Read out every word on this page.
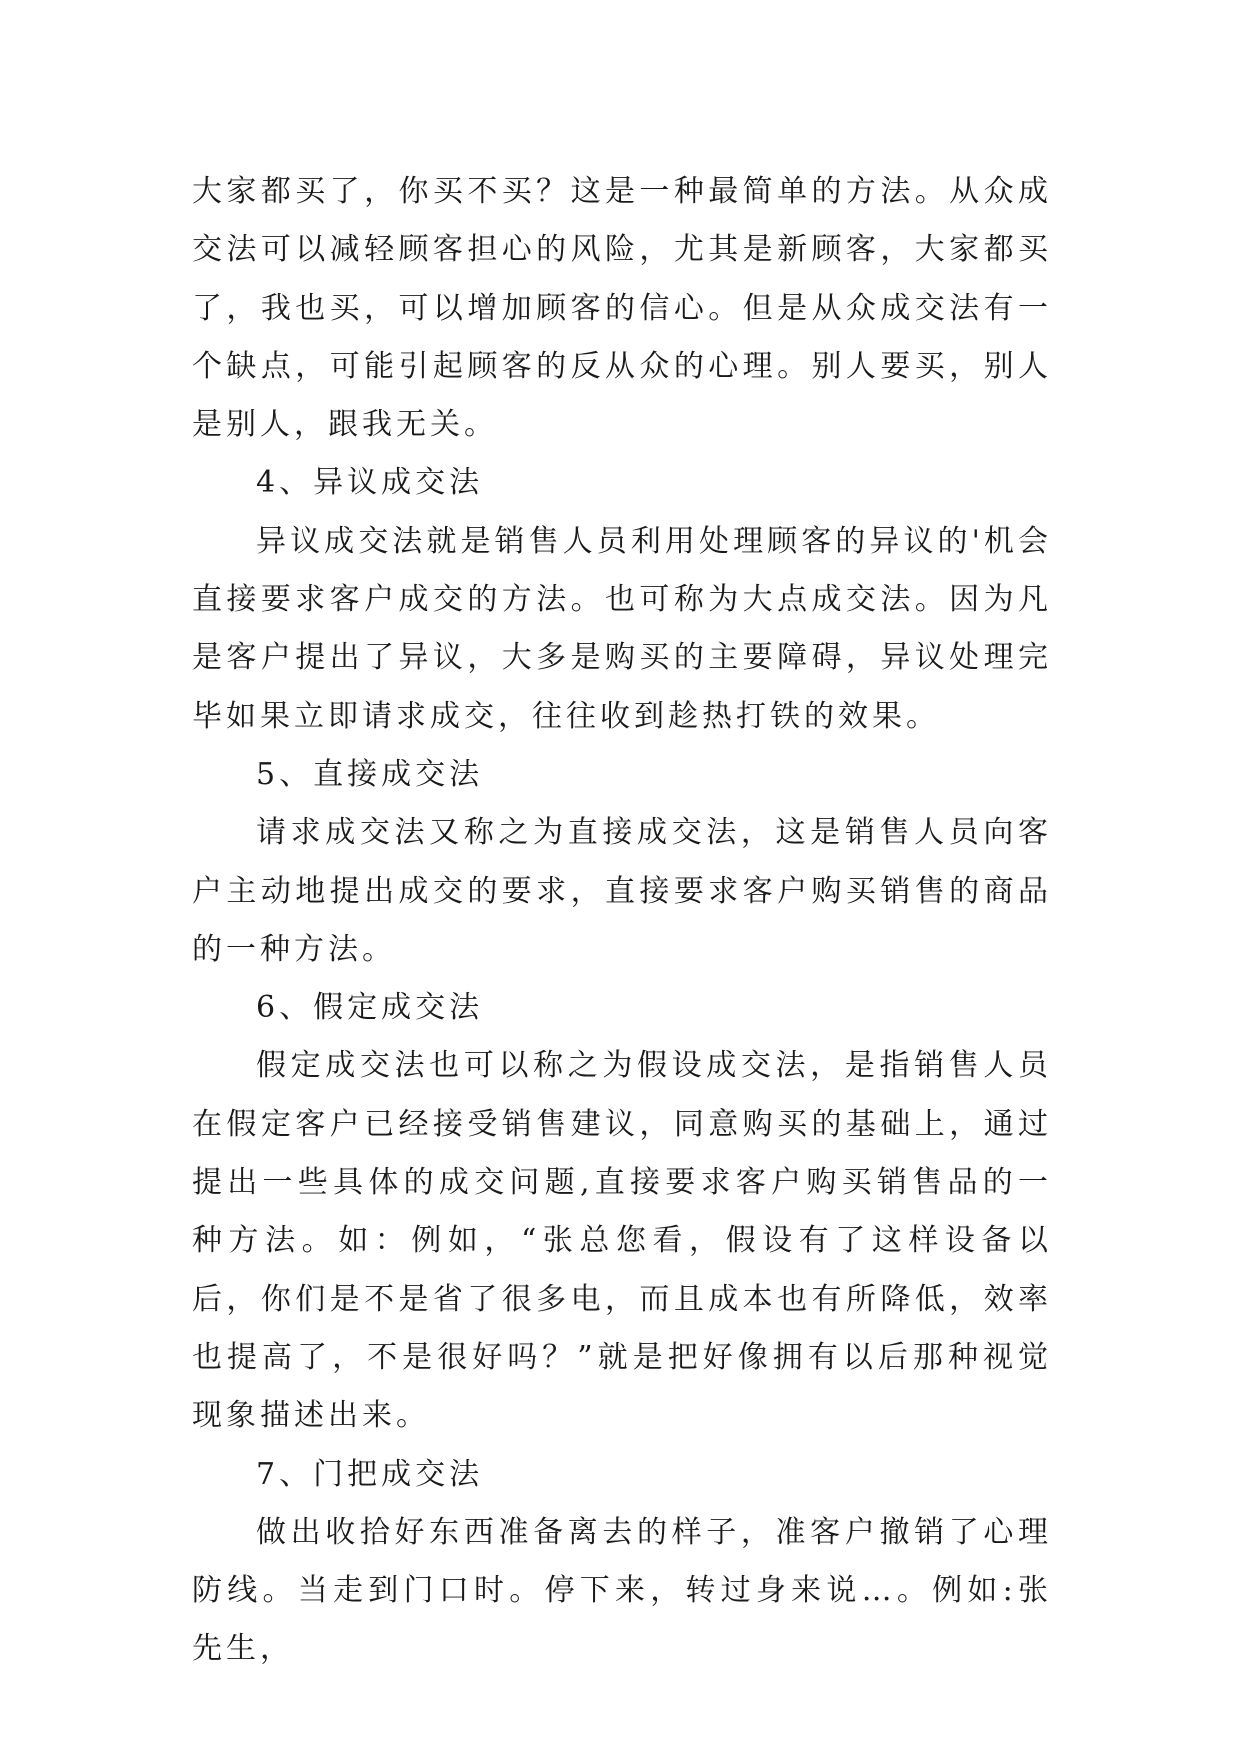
大家都买了，你买不买？这是一种最简单的方法。从众成交法可以减轻顾客担心的风险，尤其是新顾客，大家都买了，我也买，可以增加顾客的信心。但是从众成交法有一个缺点，可能引起顾客的反从众的心理。别人要买，别人是别人，跟我无关。

4、异议成交法

异议成交法就是销售人员利用处理顾客的异议的'机会直接要求客户成交的方法。也可称为大点成交法。因为凡是客户提出了异议，大多是购买的主要障碍，异议处理完毕如果立即请求成交，往往收到趁热打铁的效果。

5、直接成交法

请求成交法又称之为直接成交法，这是销售人员向客户主动地提出成交的要求，直接要求客户购买销售的商品的一种方法。

6、假定成交法

假定成交法也可以称之为假设成交法，是指销售人员在假定客户已经接受销售建议，同意购买的基础上，通过提出一些具体的成交问题,直接要求客户购买销售品的一种方法。如：例如，“张总您看，假设有了这样设备以后，你们是不是省了很多电，而且成本也有所降低，效率也提高了，不是很好吗？”就是把好像拥有以后那种视觉现象描述出来。

7、门把成交法

做出收拾好东西准备离去的样子，准客户撤销了心理防线。当走到门口时。停下来，转过身来说…。例如:张先生，
